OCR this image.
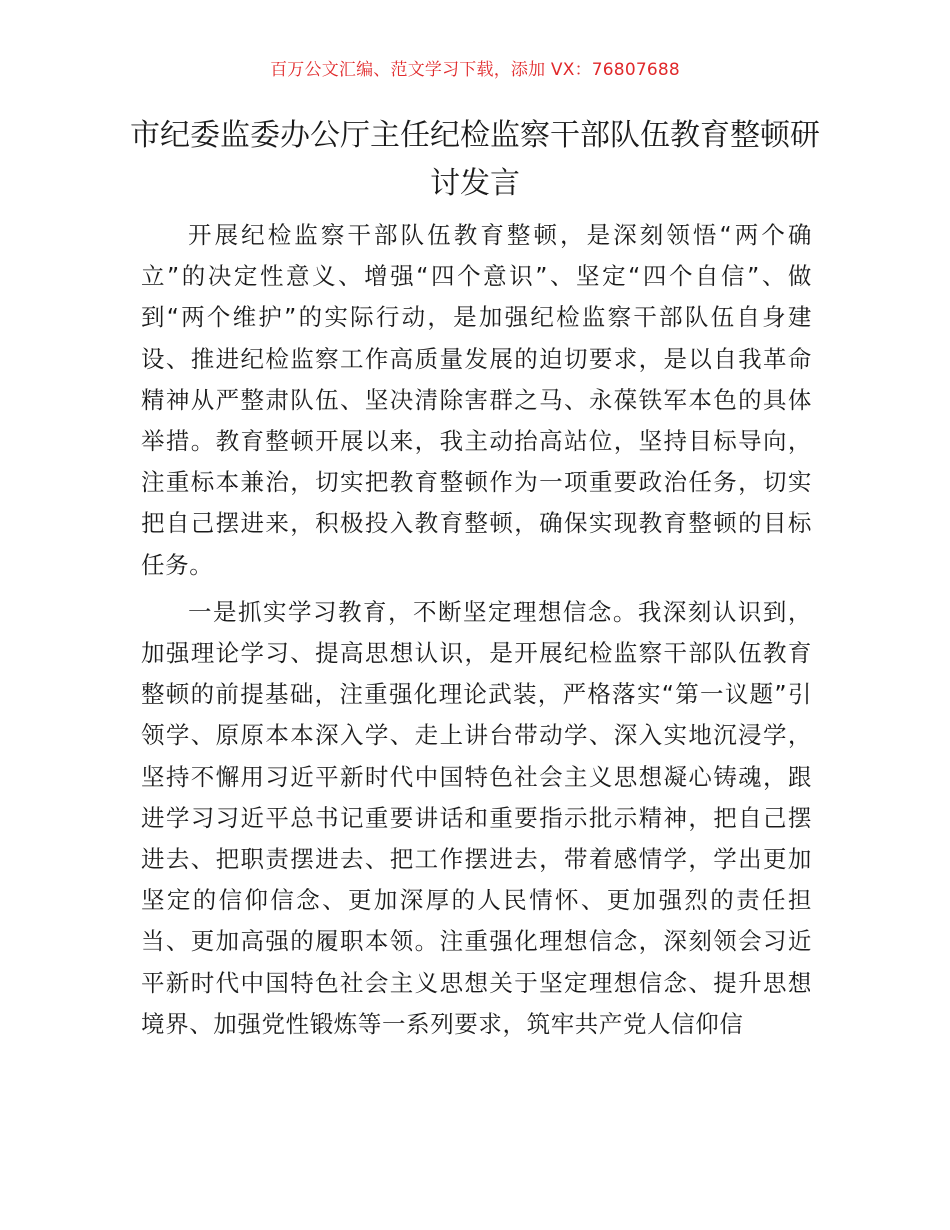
百万公文汇编、范文学习下载，添加 VX：76807688
市纪委监委办公厅主任纪检监察干部队伍教育整顿研讨发言

开展纪检监察干部队伍教育整顿，是深刻领悟“两个确立”的决定性意义、增强“四个意识”、坚定“四个自信”、做到“两个维护”的实际行动，是加强纪检监察干部队伍自身建设、推进纪检监察工作高质量发展的迫切要求，是以自我革命精神从严整肃队伍、坚决清除害群之马、永葆铁军本色的具体举措。教育整顿开展以来，我主动抬高站位，坚持目标导向，注重标本兼治，切实把教育整顿作为一项重要政治任务，切实把自己摆进来，积极投入教育整顿，确保实现教育整顿的目标任务。

一是抓实学习教育，不断坚定理想信念。我深刻认识到，加强理论学习、提高思想认识，是开展纪检监察干部队伍教育整顿的前提基础，注重强化理论武装，严格落实“第一议题”引领学、原原本本深入学、走上讲台带动学、深入实地沉浸学，坚持不懈用习近平新时代中国特色社会主义思想凝心铸魂，跟进学习习近平总书记重要讲话和重要指示批示精神，把自己摆进去、把职责摆进去、把工作摆进去，带着感情学，学出更加坚定的信仰信念、更加深厚的人民情怀、更加强烈的责任担当、更加高强的履职本领。注重强化理想信念，深刻领会习近平新时代中国特色社会主义思想关于坚定理想信念、提升思想境界、加强党性锻炼等一系列要求，筑牢共产党人信仰信
